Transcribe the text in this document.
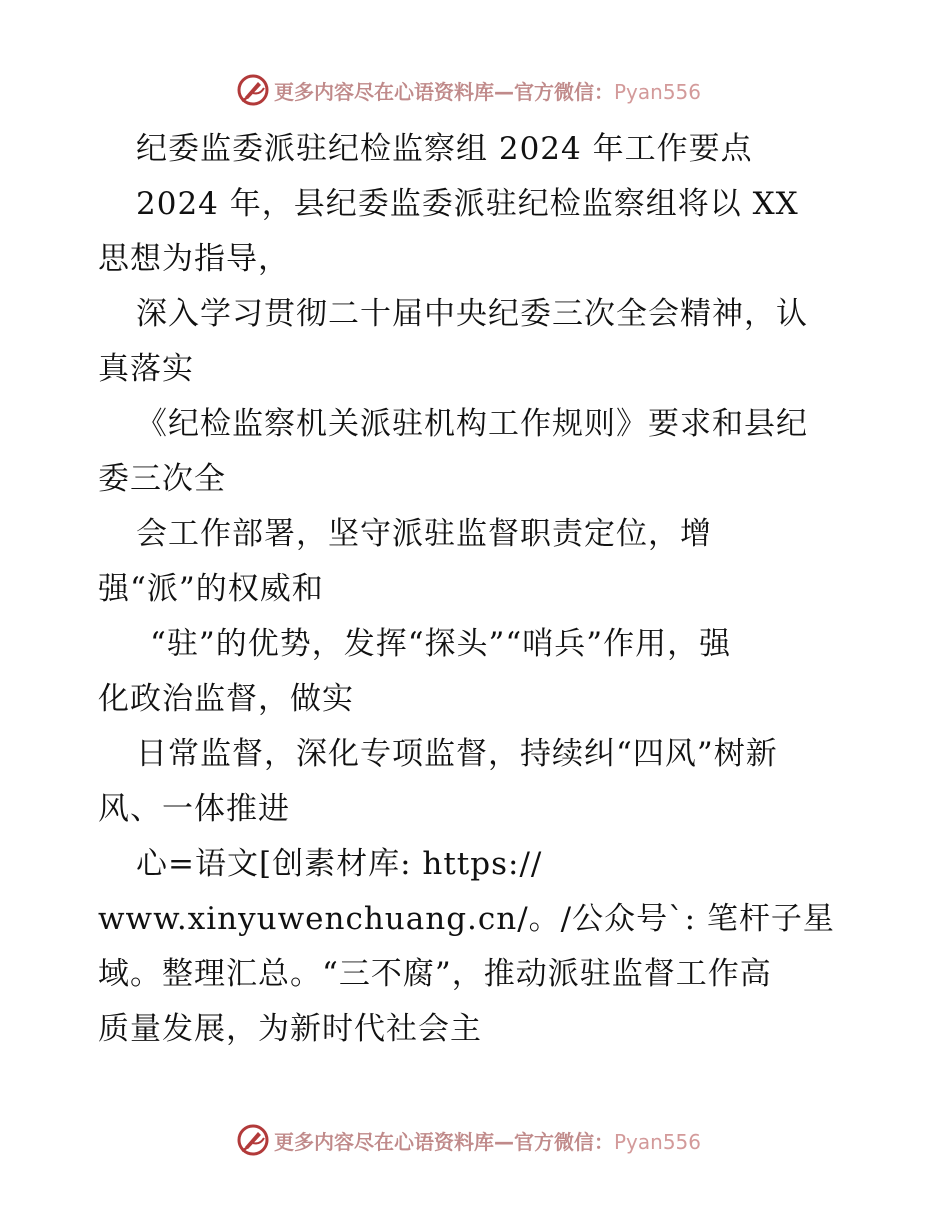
更多内容尽在心语资料库—官方微信：Pyan556
纪委监委派驻纪检监察组 2024 年工作要点
2024 年，县纪委监委派驻纪检监察组将以 XX
思想为指导，
深入学习贯彻二十届中央纪委三次全会精神，认
真落实
《纪检监察机关派驻机构工作规则》要求和县纪
委三次全
会工作部署，坚守派驻监督职责定位，增
强“派”的权威和
“驻”的优势，发挥“探头”“哨兵”作用，强
化政治监督，做实
日常监督，深化专项监督，持续纠“四风”树新
风、一体推进
心=语文[创素材库: https://
www.xinyuwenchuang.cn/。/公众号`: 笔杆子星
域。整理汇总。“三不腐”，推动派驻监督工作高
质量发展，为新时代社会主
更多内容尽在心语资料库—官方微信：Pyan556
